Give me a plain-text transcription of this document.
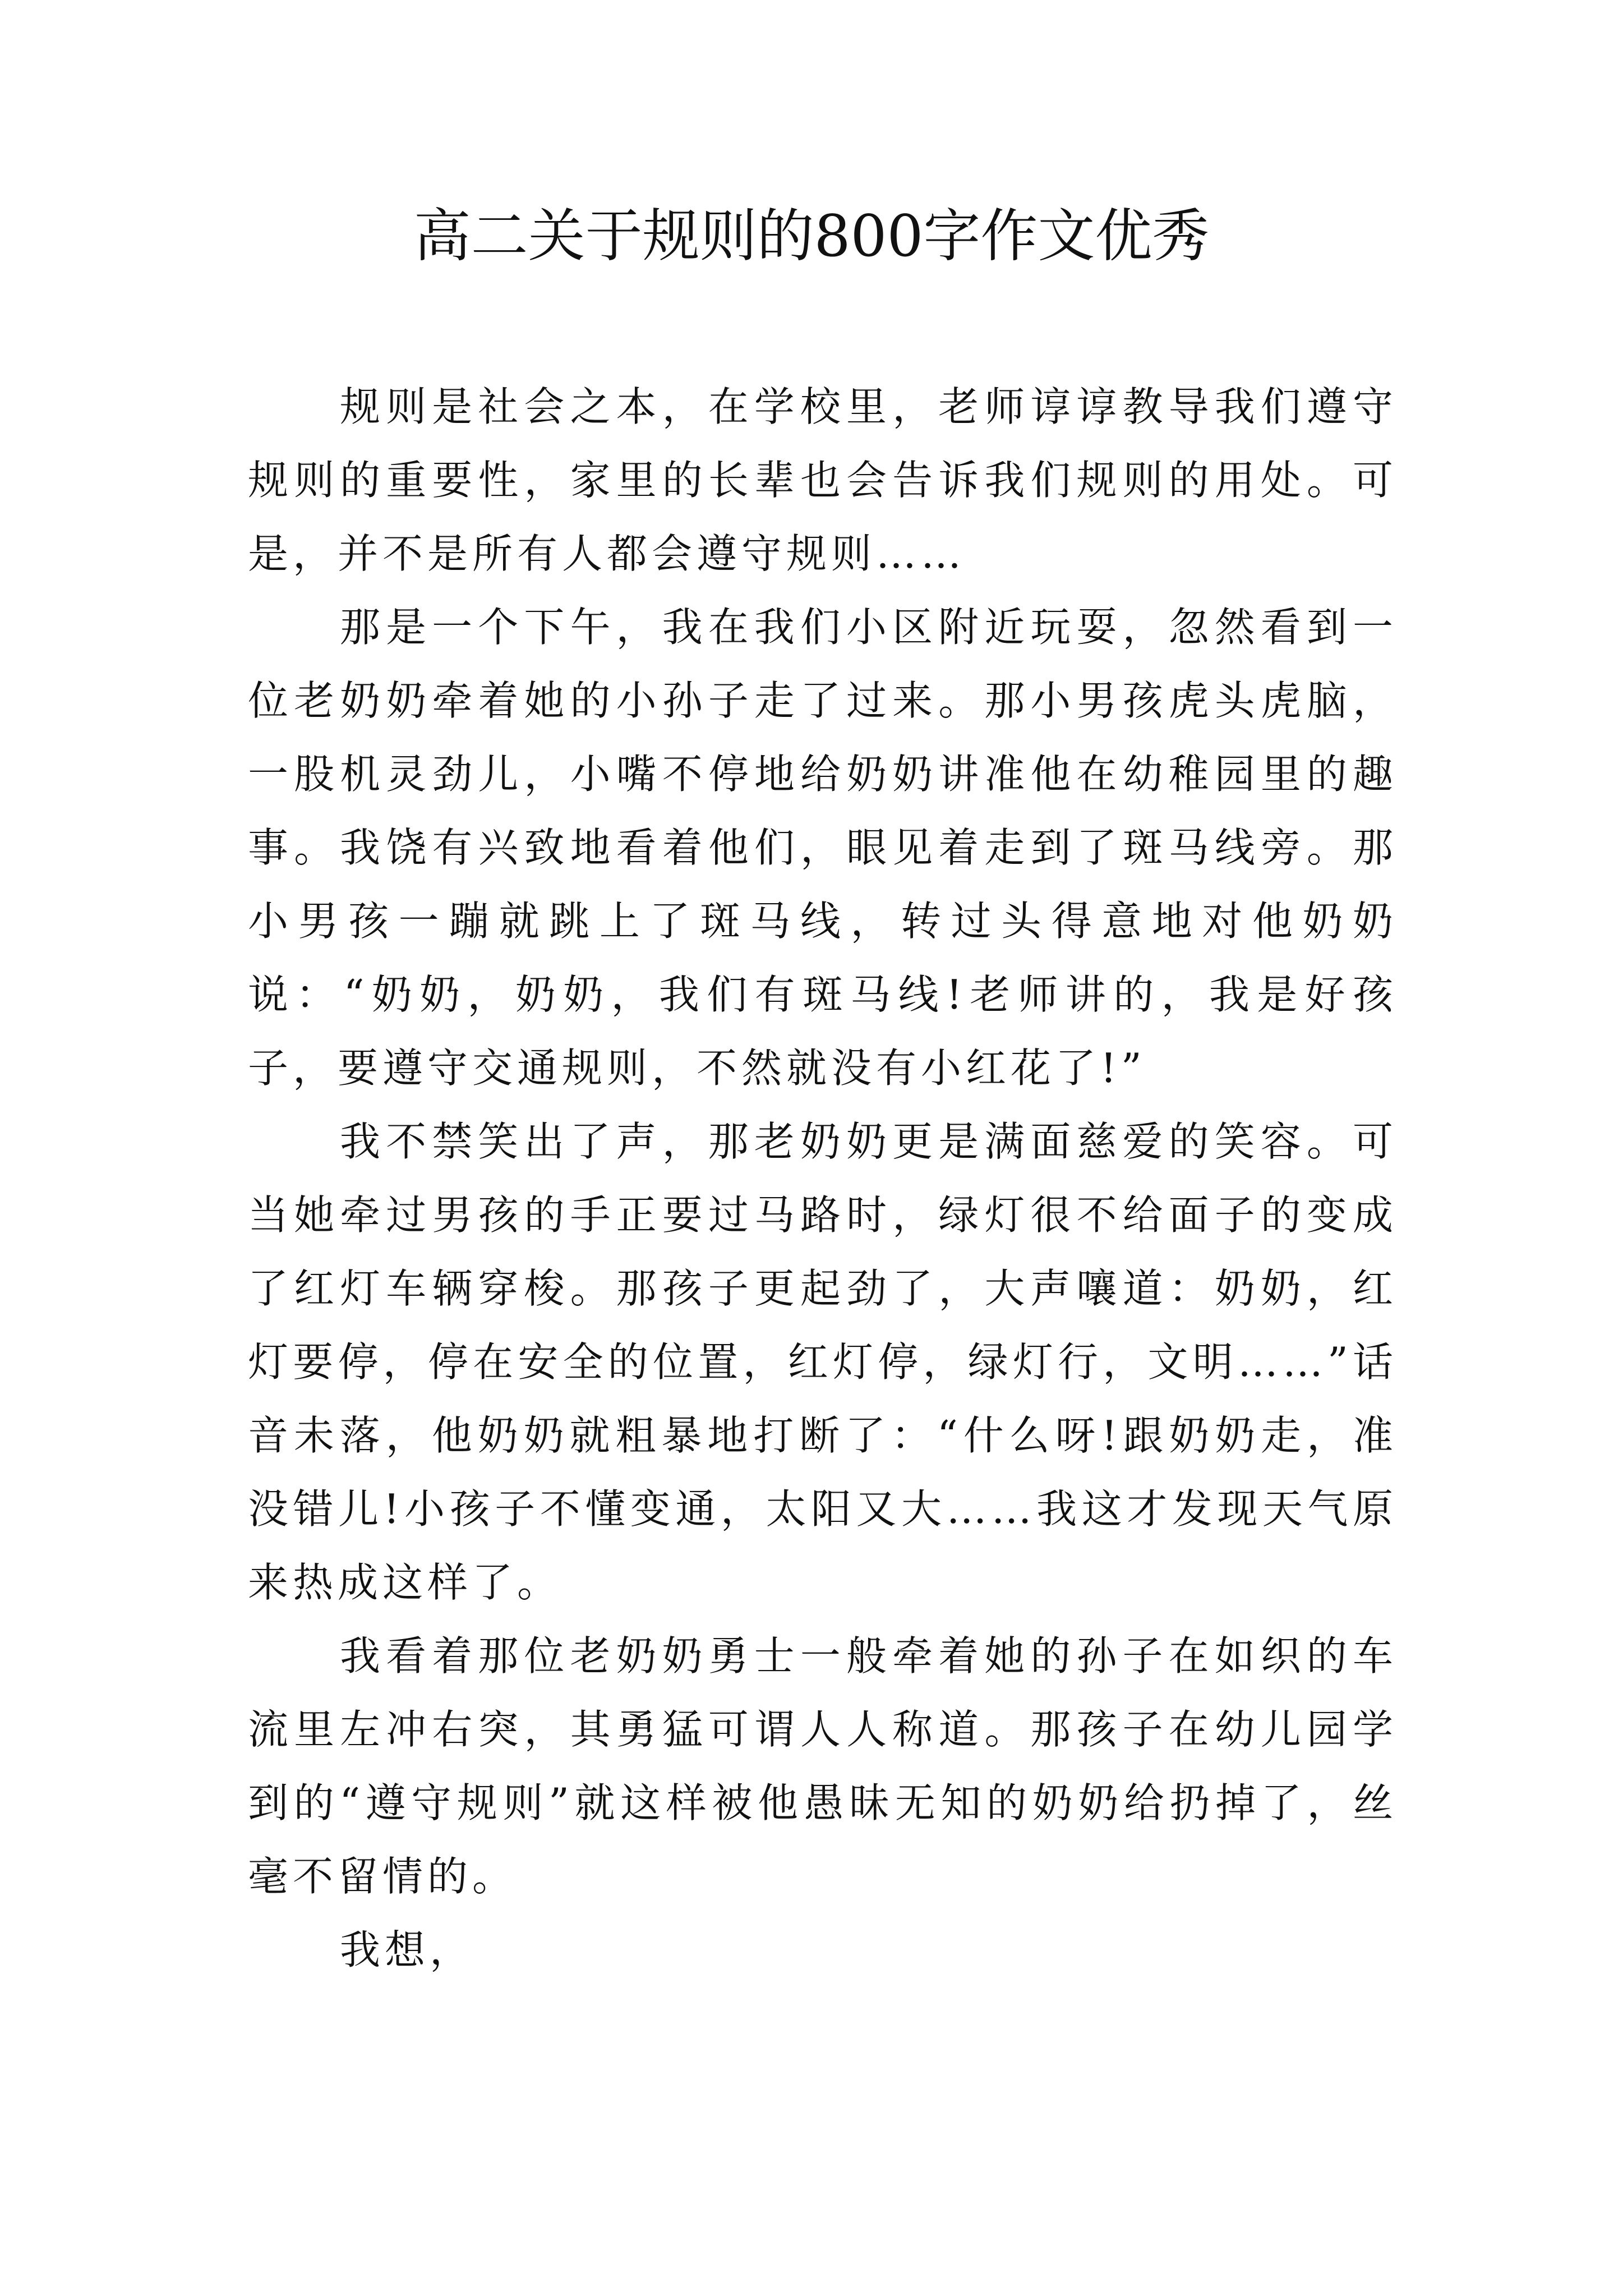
高二关于规则的800字作文优秀

规则是社会之本，在学校里，老师谆谆教导我们遵守规则的重要性，家里的长辈也会告诉我们规则的用处。可是，并不是所有人都会遵守规则……

那是一个下午，我在我们小区附近玩耍，忽然看到一位老奶奶牵着她的小孙子走了过来。那小男孩虎头虎脑，一股机灵劲儿，小嘴不停地给奶奶讲准他在幼稚园里的趣事。我饶有兴致地看着他们，眼见着走到了斑马线旁。那小男孩一蹦就跳上了斑马线，转过头得意地对他奶奶说：“奶奶，奶奶，我们有斑马线!老师讲的，我是好孩子，要遵守交通规则，不然就没有小红花了!”

我不禁笑出了声，那老奶奶更是满面慈爱的笑容。可当她牵过男孩的手正要过马路时，绿灯很不给面子的变成了红灯车辆穿梭。那孩子更起劲了，大声嚷道：奶奶，红灯要停，停在安全的位置，红灯停，绿灯行，文明……”话音未落，他奶奶就粗暴地打断了：“什么呀!跟奶奶走，准没错儿!小孩子不懂变通，太阳又大……我这才发现天气原来热成这样了。

我看着那位老奶奶勇士一般牵着她的孙子在如织的车流里左冲右突，其勇猛可谓人人称道。那孩子在幼儿园学到的“遵守规则”就这样被他愚昧无知的奶奶给扔掉了，丝毫不留情的。

我想，
